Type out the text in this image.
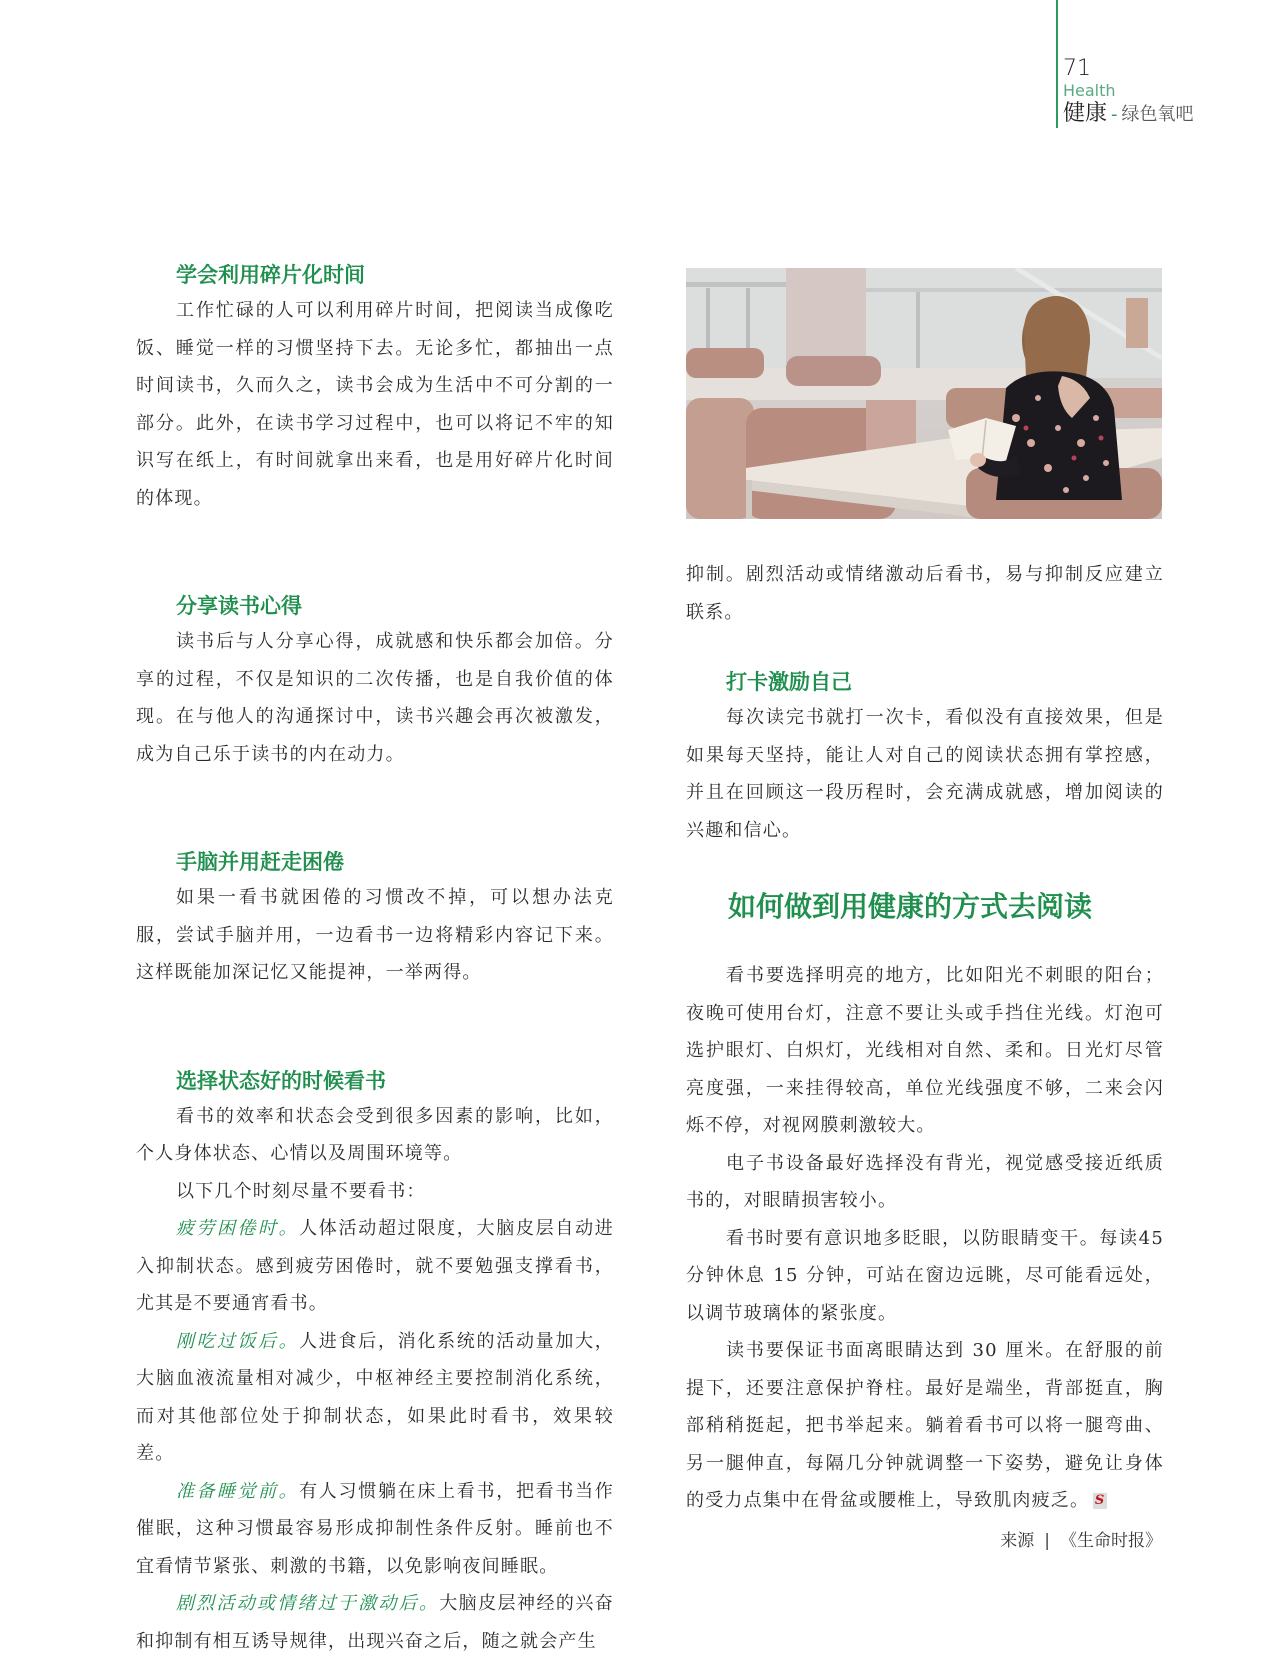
71
Health
健康 - 绿色氧吧
学会利用碎片化时间

工作忙碌的人可以利用碎片时间，把阅读当成像吃饭、睡觉一样的习惯坚持下去。无论多忙，都抽出一点时间读书，久而久之，读书会成为生活中不可分割的一部分。此外，在读书学习过程中，也可以将记不牢的知识写在纸上，有时间就拿出来看，也是用好碎片化时间的体现。

分享读书心得

读书后与人分享心得，成就感和快乐都会加倍。分享的过程，不仅是知识的二次传播，也是自我价值的体现。在与他人的沟通探讨中，读书兴趣会再次被激发，成为自己乐于读书的内在动力。

手脑并用赶走困倦

如果一看书就困倦的习惯改不掉，可以想办法克服，尝试手脑并用，一边看书一边将精彩内容记下来。这样既能加深记忆又能提神，一举两得。

选择状态好的时候看书

看书的效率和状态会受到很多因素的影响，比如，个人身体状态、心情以及周围环境等。

以下几个时刻尽量不要看书：

疲劳困倦时。人体活动超过限度，大脑皮层自动进入抑制状态。感到疲劳困倦时，就不要勉强支撑看书，尤其是不要通宵看书。

刚吃过饭后。人进食后，消化系统的活动量加大，大脑血液流量相对减少，中枢神经主要控制消化系统，而对其他部位处于抑制状态，如果此时看书，效果较差。

准备睡觉前。有人习惯躺在床上看书，把看书当作催眠，这种习惯最容易形成抑制性条件反射。睡前也不宜看情节紧张、刺激的书籍，以免影响夜间睡眠。

剧烈活动或情绪过于激动后。大脑皮层神经的兴奋和抑制有相互诱导规律，出现兴奋之后，随之就会产生

抑制。剧烈活动或情绪激动后看书，易与抑制反应建立联系。

打卡激励自己

每次读完书就打一次卡，看似没有直接效果，但是如果每天坚持，能让人对自己的阅读状态拥有掌控感，并且在回顾这一段历程时，会充满成就感，增加阅读的兴趣和信心。

如何做到用健康的方式去阅读

看书要选择明亮的地方，比如阳光不刺眼的阳台；夜晚可使用台灯，注意不要让头或手挡住光线。灯泡可选护眼灯、白炽灯，光线相对自然、柔和。日光灯尽管亮度强，一来挂得较高，单位光线强度不够，二来会闪烁不停，对视网膜刺激较大。

电子书设备最好选择没有背光，视觉感受接近纸质书的，对眼睛损害较小。

看书时要有意识地多眨眼，以防眼睛变干。每读45 分钟休息 15 分钟，可站在窗边远眺，尽可能看远处，以调节玻璃体的紧张度。

读书要保证书面离眼睛达到 30 厘米。在舒服的前提下，还要注意保护脊柱。最好是端坐，背部挺直，胸部稍稍挺起，把书举起来。躺着看书可以将一腿弯曲、另一腿伸直，每隔几分钟就调整一下姿势，避免让身体的受力点集中在骨盆或腰椎上，导致肌肉疲乏。 S

来源 | 《生命时报》
